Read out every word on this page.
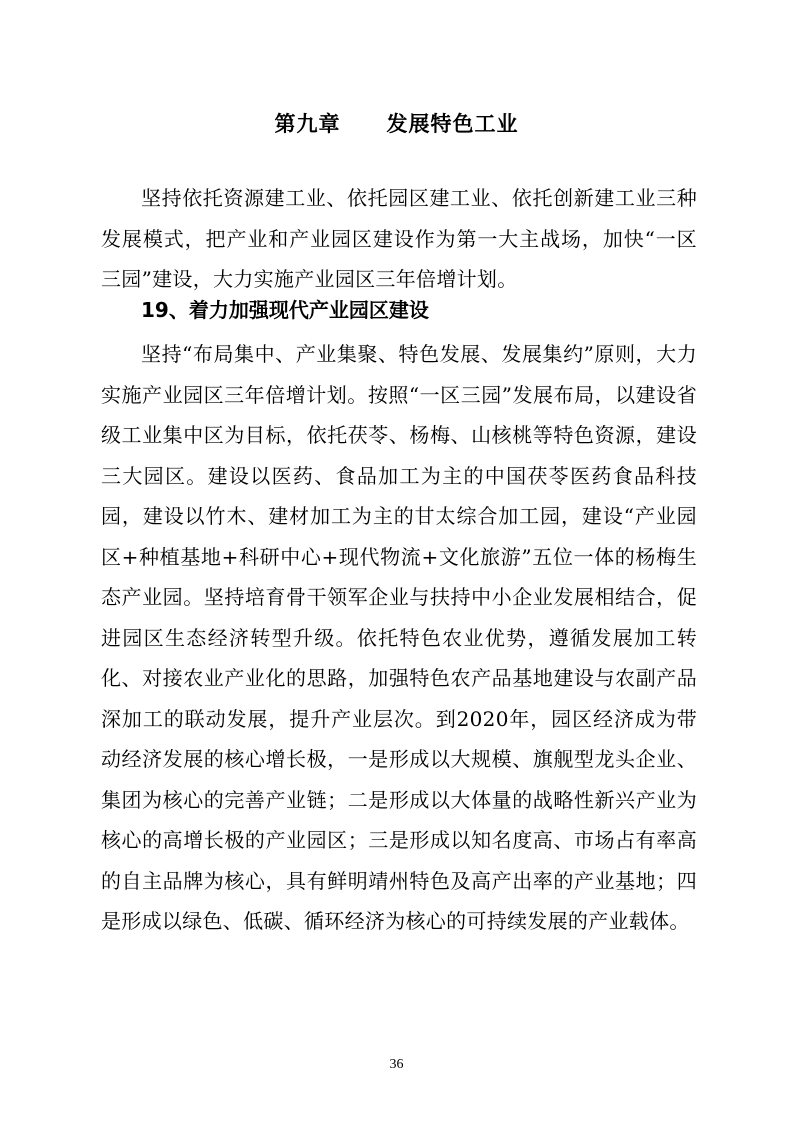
第九章 发展特色工业

坚持依托资源建工业、依托园区建工业、依托创新建工业三种发展模式，把产业和产业园区建设作为第一大主战场，加快“一区三园”建设，大力实施产业园区三年倍增计划。

19、着力加强现代产业园区建设

坚持“布局集中、产业集聚、特色发展、发展集约”原则，大力实施产业园区三年倍增计划。按照“一区三园”发展布局，以建设省级工业集中区为目标，依托茯苓、杨梅、山核桃等特色资源，建设三大园区。建设以医药、食品加工为主的中国茯苓医药食品科技园，建设以竹木、建材加工为主的甘太综合加工园，建设“产业园区+种植基地+科研中心+现代物流+文化旅游”五位一体的杨梅生态产业园。坚持培育骨干领军企业与扶持中小企业发展相结合，促进园区生态经济转型升级。依托特色农业优势，遵循发展加工转化、对接农业产业化的思路，加强特色农产品基地建设与农副产品深加工的联动发展，提升产业层次。到2020年，园区经济成为带动经济发展的核心增长极，一是形成以大规模、旗舰型龙头企业、集团为核心的完善产业链；二是形成以大体量的战略性新兴产业为核心的高增长极的产业园区；三是形成以知名度高、市场占有率高的自主品牌为核心，具有鲜明靖州特色及高产出率的产业基地；四是形成以绿色、低碳、循环经济为核心的可持续发展的产业载体。

36
